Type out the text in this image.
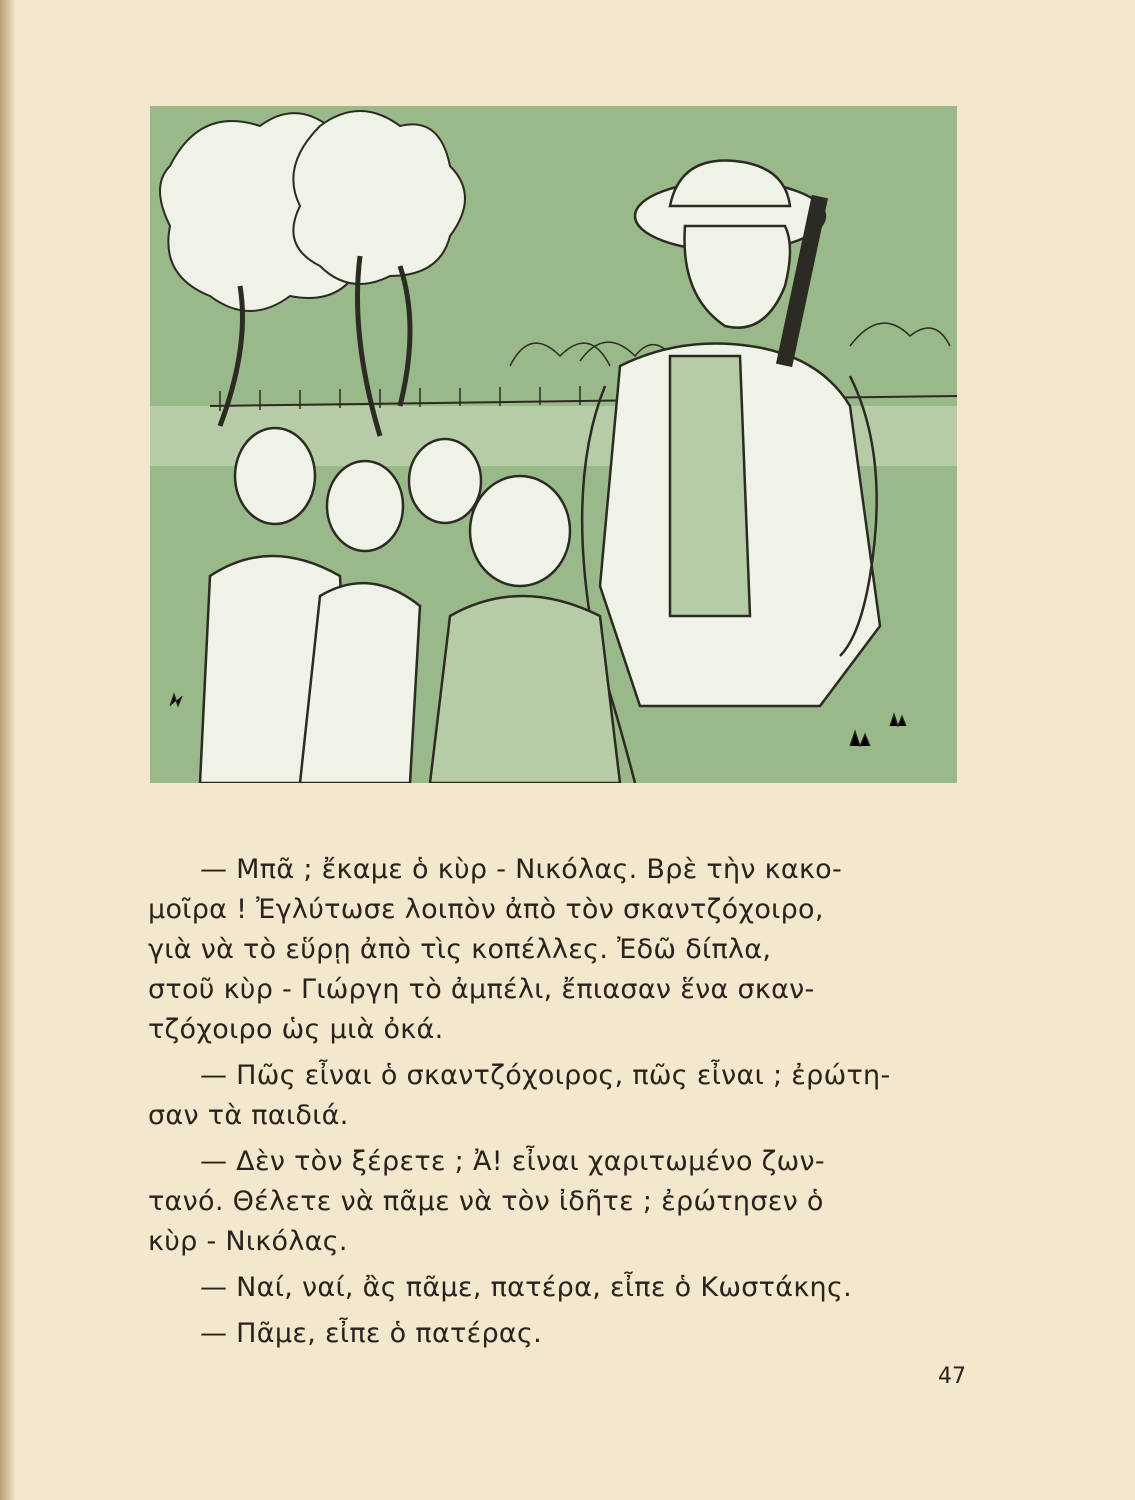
— Μπᾶ ; ἔκαμε ὁ κὺρ - Νικόλας. Βρὲ τὴν κακο-
μοῖρα ! Ἐγλύτωσε λοιπὸν ἀπὸ τὸν σκαντζόχοιρο,
γιὰ νὰ τὸ εὕρῃ ἀπὸ τὶς κοπέλλες. Ἐδῶ δίπλα,
στοῦ κὺρ - Γιώργη τὸ ἀμπέλι, ἔπιασαν ἕνα σκαν-
τζόχοιρο ὡς μιὰ ὀκά.
— Πῶς εἶναι ὁ σκαντζόχοιρος, πῶς εἶναι ; ἐρώτη-
σαν τὰ παιδιά.
— Δὲν τὸν ξέρετε ; Ἀ! εἶναι χαριτωμένο ζων-
τανό. Θέλετε νὰ πᾶμε νὰ τὸν ἰδῆτε ; ἐρώτησεν ὁ
κὺρ - Νικόλας.
— Ναί, ναί, ἂς πᾶμε, πατέρα, εἶπε ὁ Κωστάκης.
— Πᾶμε, εἶπε ὁ πατέρας.
47
